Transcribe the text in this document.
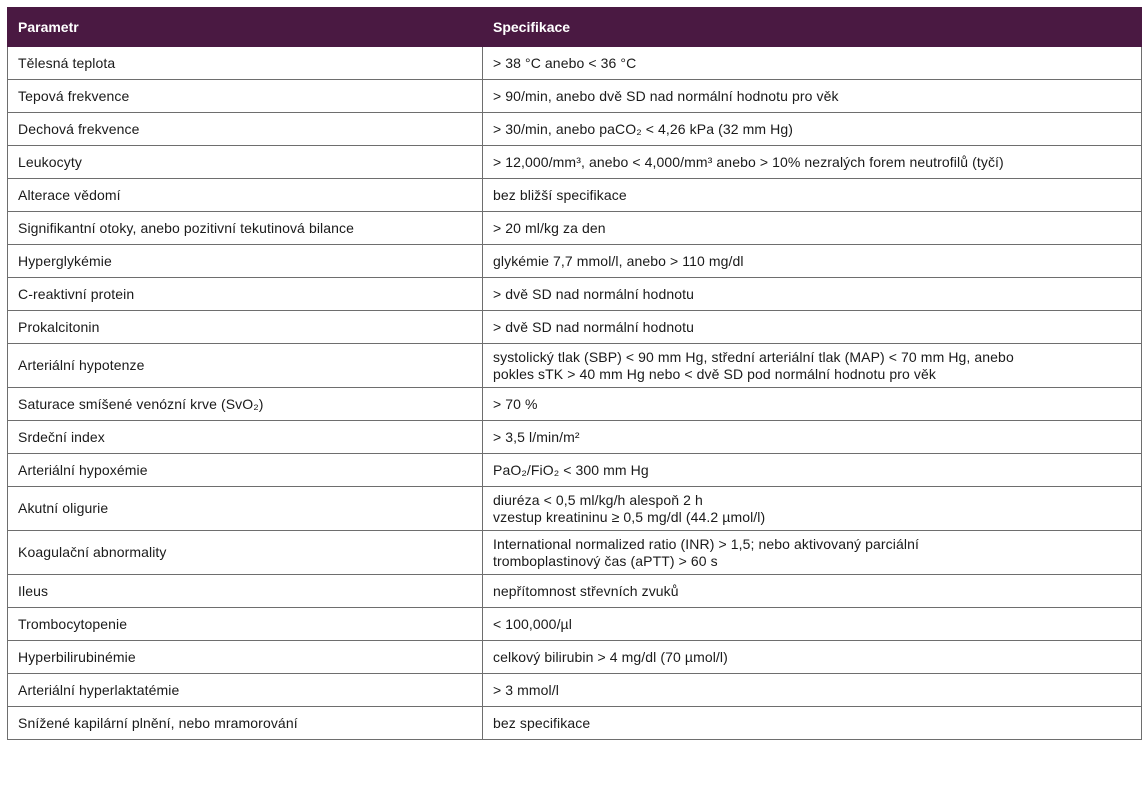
Parametr	Specifikace
Tělesná teplota	> 38 °C anebo < 36 °C

Tepová frekvence	> 90/min, anebo dvě SD nad normální hodnotu pro věk

Dechová frekvence	> 30/min, anebo paCO₂ < 4,26 kPa (32 mm Hg)

Leukocyty	> 12,000/mm³, anebo < 4,000/mm³ anebo > 10% nezralých forem neutrofilů (tyčí)

Alterace vědomí	bez bližší specifikace

Signifikantní otoky, anebo pozitivní tekutinová bilance	> 20 ml/kg za den

Hyperglykémie	glykémie 7,7 mmol/l, anebo > 110 mg/dl

C-reaktivní protein	> dvě SD nad normální hodnotu

Prokalcitonin	> dvě SD nad normální hodnotu

Arteriální hypotenze	systolický tlak (SBP) < 90 mm Hg, střední arteriální tlak (MAP) < 70 mm Hg, anebo
pokles sTK > 40 mm Hg nebo < dvě SD pod normální hodnotu pro věk

Saturace smíšené venózní krve (SvO₂)	> 70 %

Srdeční index	> 3,5 l/min/m²

Arteriální hypoxémie	PaO₂/FiO₂ < 300 mm Hg

Akutní oligurie	diuréza < 0,5 ml/kg/h alespoň 2 h
vzestup kreatininu ≥ 0,5 mg/dl (44.2 µmol/l)

Koagulační abnormality	International normalized ratio (INR) > 1,5; nebo aktivovaný parciální
tromboplastinový čas (aPTT) > 60 s

Ileus	nepřítomnost střevních zvuků

Trombocytopenie	< 100,000/µl

Hyperbilirubinémie	celkový bilirubin > 4 mg/dl (70 µmol/l)

Arteriální hyperlaktatémie	> 3 mmol/l

Snížené kapilární plnění, nebo mramorování	bez specifikace
